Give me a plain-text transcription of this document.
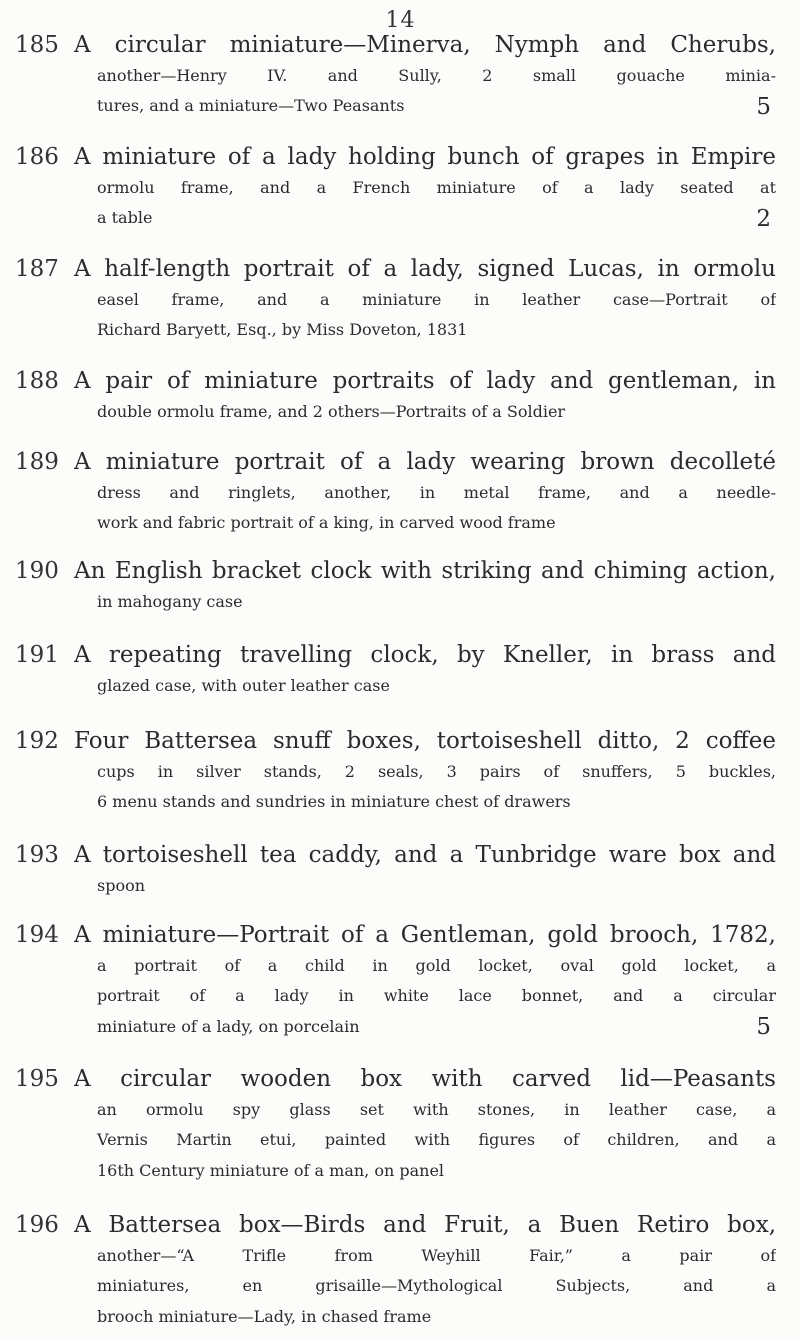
14
185 A circular miniature—Minerva, Nymph and Cherubs,
another—Henry IV. and Sully, 2 small gouache minia-
tures, and a miniature—Two Peasants	5
186 A miniature of a lady holding bunch of grapes in Empire
ormolu frame, and a French miniature of a lady seated at
a table	2
187 A half-length portrait of a lady, signed Lucas, in ormolu
easel frame, and a miniature in leather case—Portrait of
Richard Baryett, Esq., by Miss Doveton, 1831
188 A pair of miniature portraits of lady and gentleman, in
double ormolu frame, and 2 others—Portraits of a Soldier
189 A miniature portrait of a lady wearing brown decolleté
dress and ringlets, another, in metal frame, and a needle-
work and fabric portrait of a king, in carved wood frame
190 An English bracket clock with striking and chiming action,
in mahogany case
191 A repeating travelling clock, by Kneller, in brass and
glazed case, with outer leather case
192 Four Battersea snuff boxes, tortoiseshell ditto, 2 coffee
cups in silver stands, 2 seals, 3 pairs of snuffers, 5 buckles,
6 menu stands and sundries in miniature chest of drawers
193 A tortoiseshell tea caddy, and a Tunbridge ware box and
spoon
194 A miniature—Portrait of a Gentleman, gold brooch, 1782,
a portrait of a child in gold locket, oval gold locket, a
portrait of a lady in white lace bonnet, and a circular
miniature of a lady, on porcelain	5
195 A circular wooden box with carved lid—Peasants
an ormolu spy glass set with stones, in leather case, a
Vernis Martin etui, painted with figures of children, and a
16th Century miniature of a man, on panel
196 A Battersea box—Birds and Fruit, a Buen Retiro box,
another—“A Trifle from Weyhill Fair,” a pair of
miniatures, en grisaille—Mythological Subjects, and a
brooch miniature—Lady, in chased frame
